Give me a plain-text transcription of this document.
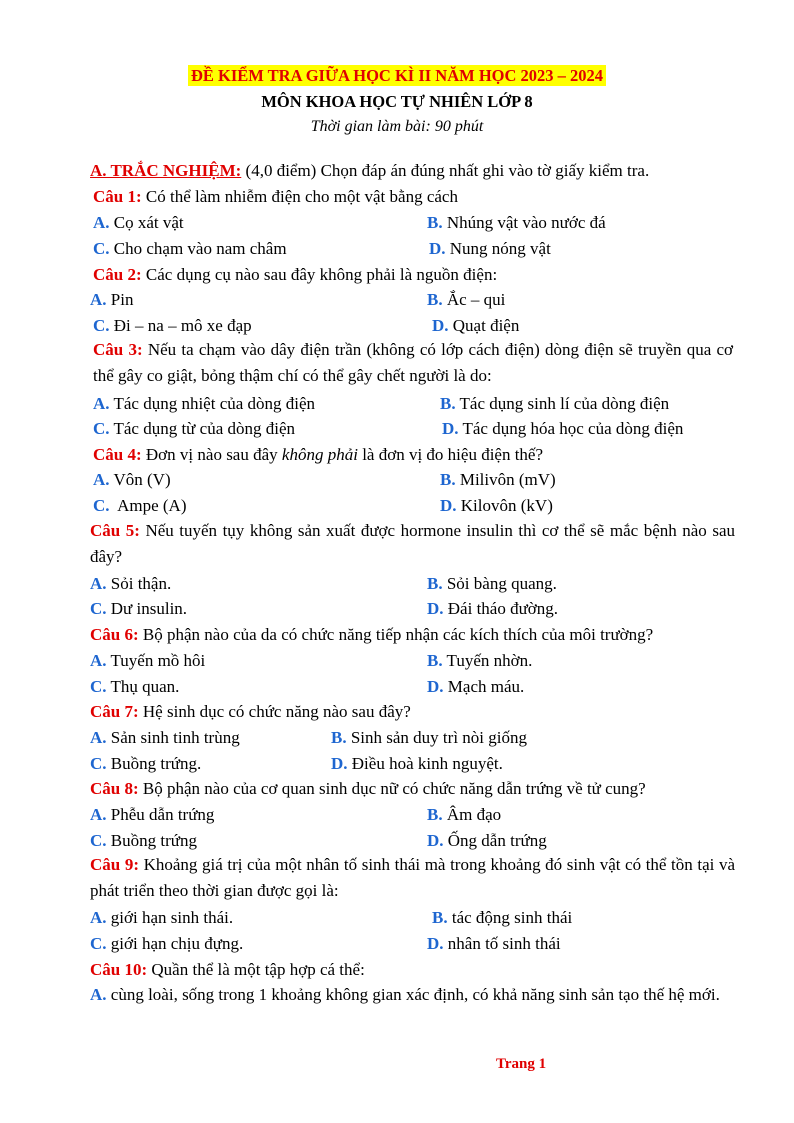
ĐỀ KIỂM TRA GIỮA HỌC KÌ II NĂM HỌC 2023 – 2024
MÔN KHOA HỌC TỰ NHIÊN LỚP 8
Thời gian làm bài: 90 phút
A. TRẮC NGHIỆM: (4,0 điểm) Chọn đáp án đúng nhất ghi vào tờ giấy kiểm tra.
Câu 1: Có thể làm nhiễm điện cho một vật bằng cách
A. Cọ xát vật	B. Nhúng vật vào nước đá
C. Cho chạm vào nam châm	D. Nung nóng vật
Câu 2: Các dụng cụ nào sau đây không phải là nguồn điện:
A. Pin	B. Ắc – qui
C. Đi – na – mô xe đạp	D. Quạt điện
Câu 3: Nếu ta chạm vào dây điện trần (không có lớp cách điện) dòng điện sẽ truyền qua cơ thể gây co giật, bỏng thậm chí có thể gây chết người là do:
A. Tác dụng nhiệt của dòng điện	B. Tác dụng sinh lí của dòng điện
C. Tác dụng từ của dòng điện	D. Tác dụng hóa học của dòng điện
Câu 4: Đơn vị nào sau đây không phải là đơn vị đo hiệu điện thế?
A. Vôn (V)	B. Milivôn (mV)
C.  Ampe (A)	D. Kilovôn (kV)
Câu 5: Nếu tuyến tụy không sản xuất được hormone insulin thì cơ thể sẽ mắc bệnh nào sau đây?
A. Sỏi thận.	B. Sỏi bàng quang.
C. Dư insulin.	D. Đái tháo đường.
Câu 6: Bộ phận nào của da có chức năng tiếp nhận các kích thích của môi trường?
A. Tuyến mồ hôi	B. Tuyến nhờn.
C. Thụ quan.	D. Mạch máu.
Câu 7: Hệ sinh dục có chức năng nào sau đây?
A. Sản sinh tinh trùng	B. Sinh sản duy trì nòi giống
C. Buồng trứng.	D. Điều hoà kinh nguyệt.
Câu 8: Bộ phận nào của cơ quan sinh dục nữ có chức năng dẫn trứng về tử cung?
A. Phễu dẫn trứng	B. Âm đạo
C. Buồng trứng	D. Ống dẫn trứng
Câu 9: Khoảng giá trị của một nhân tố sinh thái mà trong khoảng đó sinh vật có thể tồn tại và phát triển theo thời gian được gọi là:
A. giới hạn sinh thái.	B. tác động sinh thái
C. giới hạn chịu đựng.	D. nhân tố sinh thái
Câu 10: Quần thể là một tập hợp cá thể:
A. cùng loài, sống trong 1 khoảng không gian xác định, có khả năng sinh sản tạo thế hệ mới.
Trang 1
